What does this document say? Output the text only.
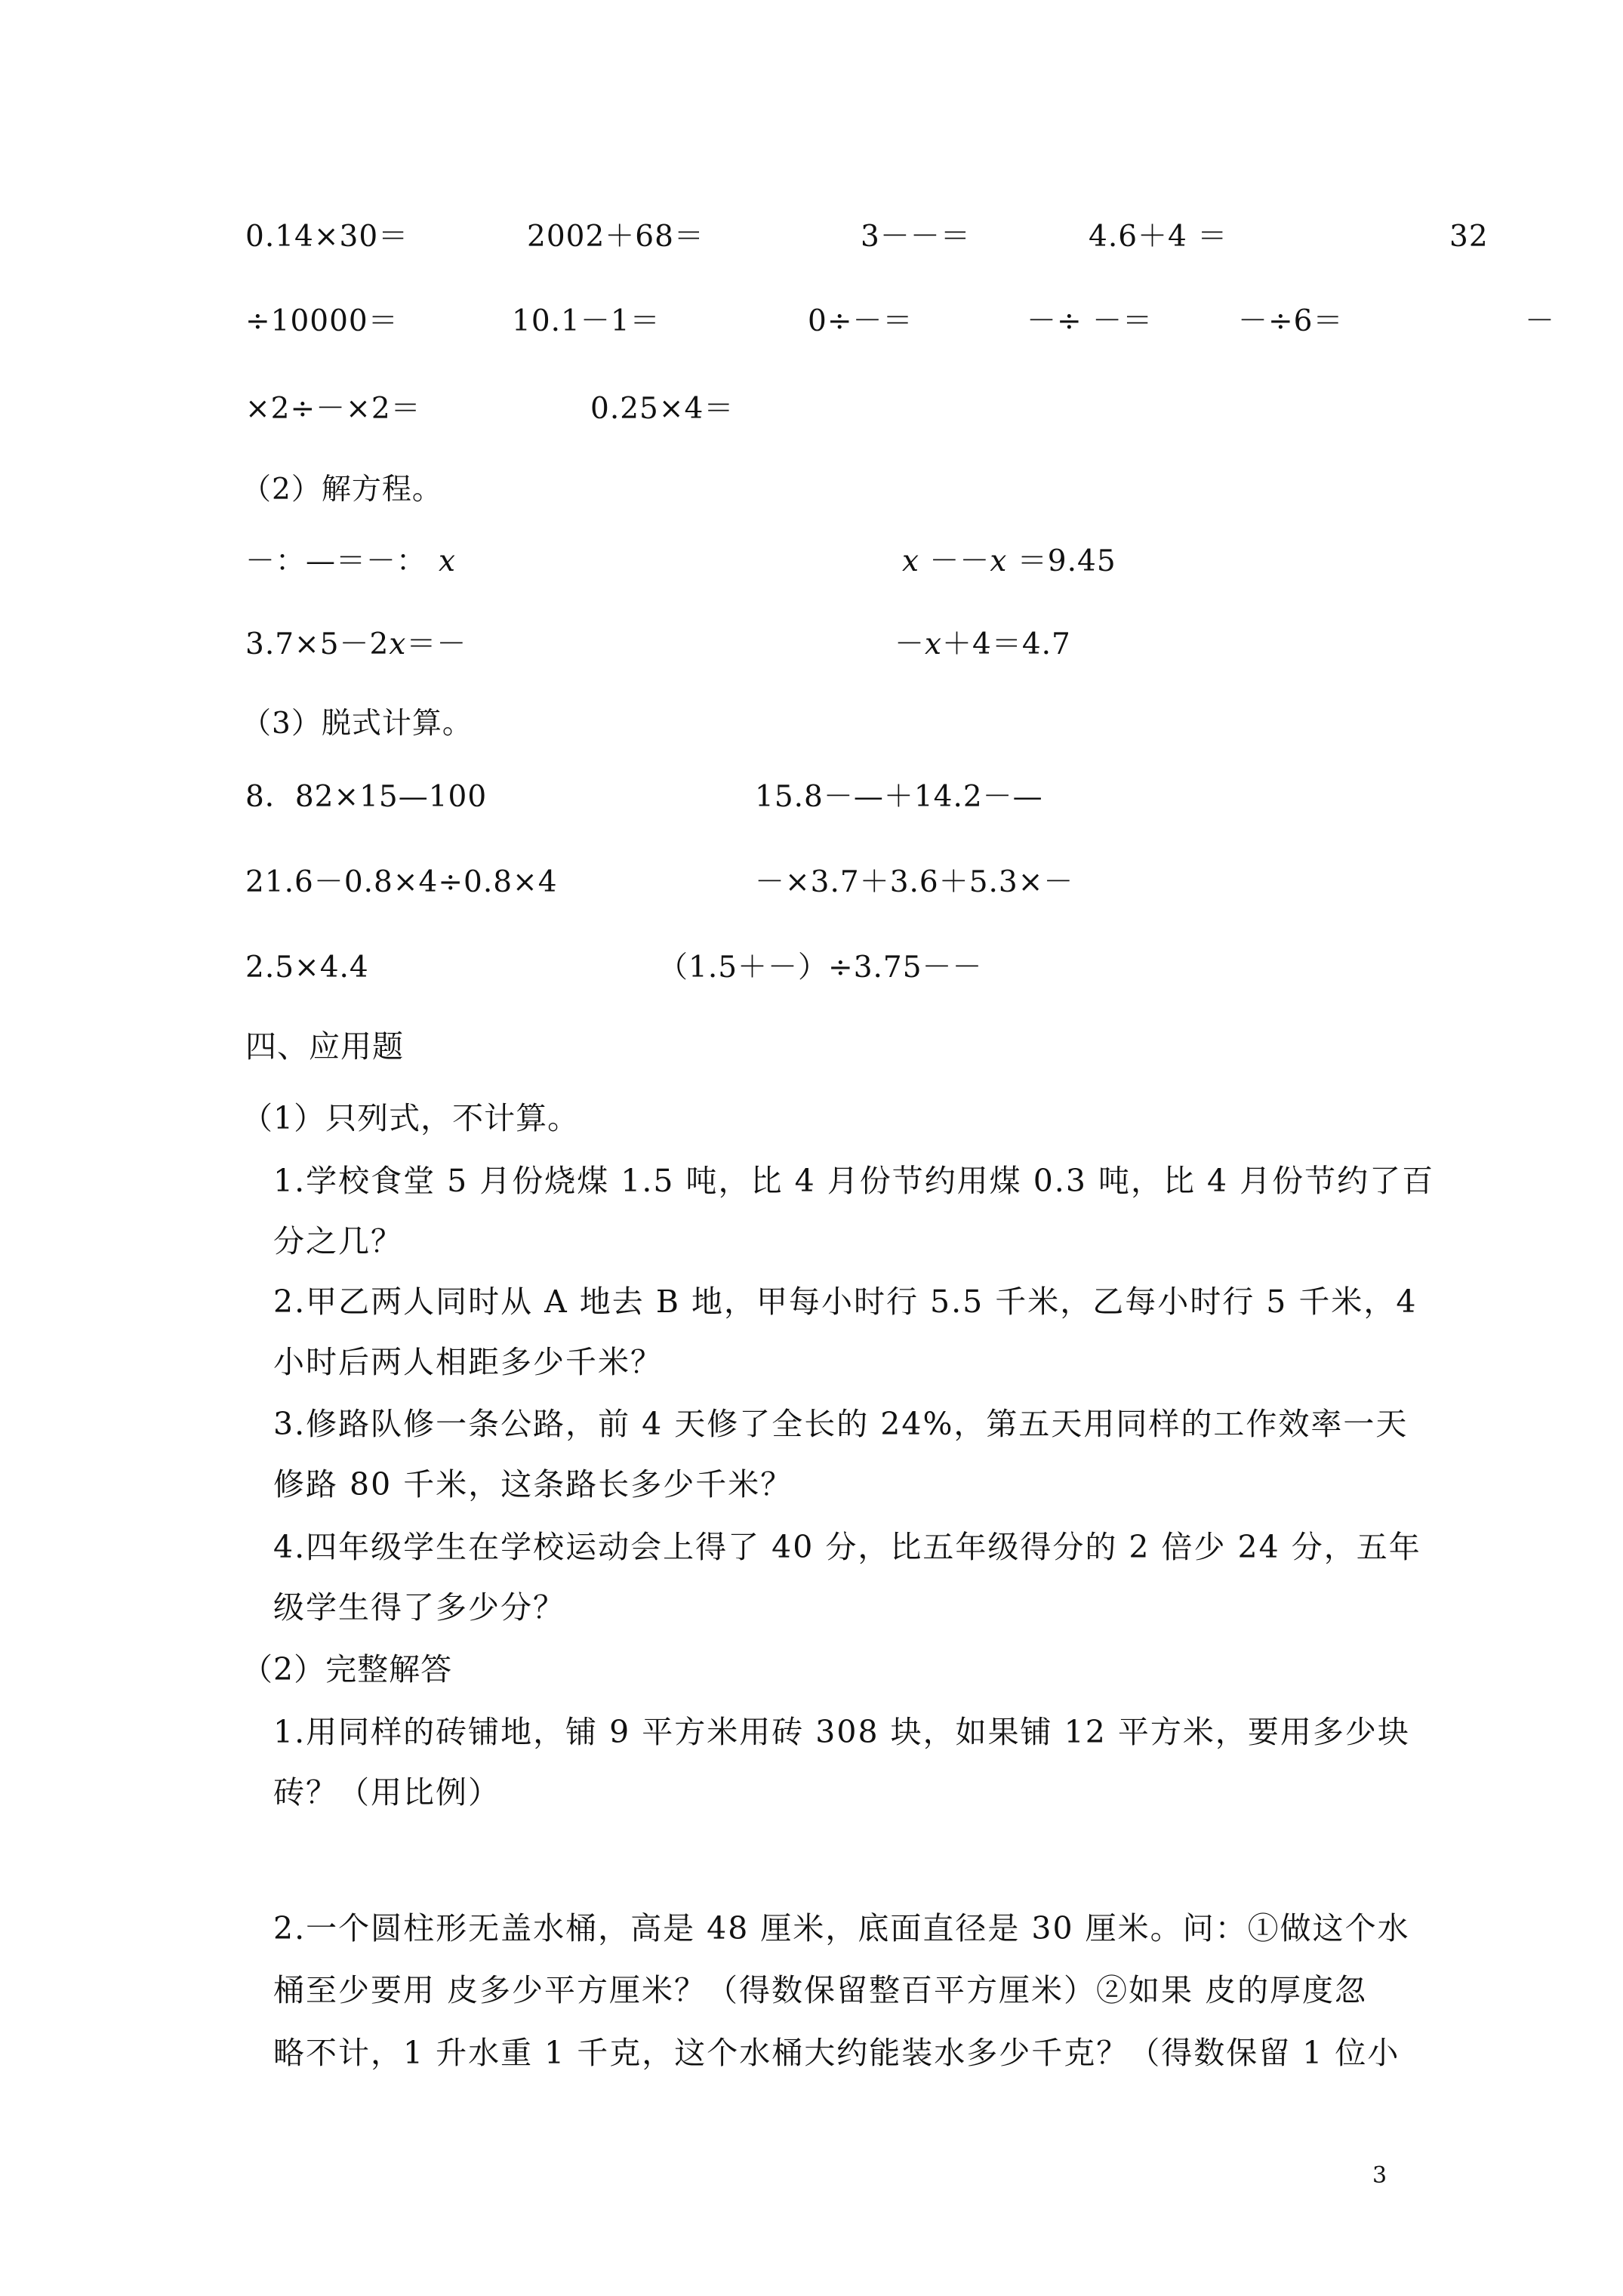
0.14×30＝	2002＋68＝	3－－＝	4.6＋4 ＝	32
÷10000＝	10.1－1＝	0÷－＝	－÷ －＝	－÷6＝	－
×2÷－×2＝	0.25×4＝
（2）解方程。
－：—＝－： x	x －－x ＝9.45
3.7×5－2x＝－	－x＋4＝4.7
（3）脱式计算。
8．82×15—100	15.8－—＋14.2－—
21.6－0.8×4÷0.8×4	－×3.7＋3.6＋5.3×－
2.5×4.4	（1.5＋－）÷3.75－－
四、应用题
（1）只列式，不计算。
1.学校食堂 5 月份烧煤 1.5 吨，比 4 月份节约用煤 0.3 吨，比 4 月份节约了百
分之几？
2.甲乙两人同时从 A 地去 B 地，甲每小时行 5.5 千米，乙每小时行 5 千米，4
小时后两人相距多少千米？
3.修路队修一条公路，前 4 天修了全长的 24%，第五天用同样的工作效率一天
修路 80 千米，这条路长多少千米？
4.四年级学生在学校运动会上得了 40 分，比五年级得分的 2 倍少 24 分，五年
级学生得了多少分？
（2）完整解答
1.用同样的砖铺地，铺 9 平方米用砖 308 块，如果铺 12 平方米，要用多少块
砖？（用比例）
2.一个圆柱形无盖水桶，高是 48 厘米，底面直径是 30 厘米。问：①做这个水
桶至少要用 皮多少平方厘米？（得数保留整百平方厘米）②如果 皮的厚度忽
略不计，1 升水重 1 千克，这个水桶大约能装水多少千克？（得数保留 1 位小
3
